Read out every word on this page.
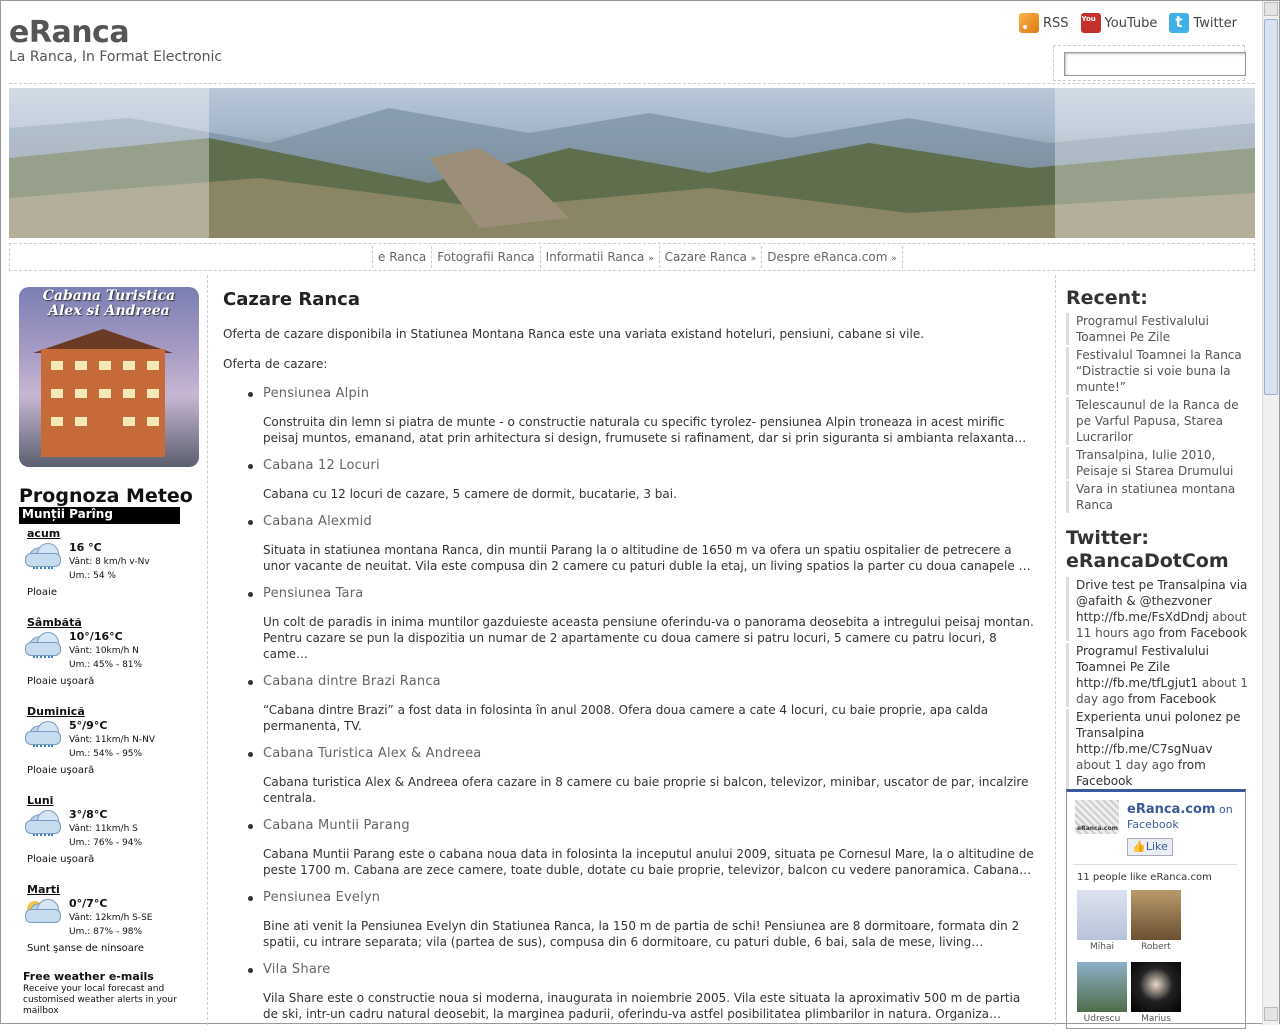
eRanca
La Ranca, In Format Electronic
RSS You	YouTube t	Twitter
e Ranca Fotografii Ranca Informatii Ranca » Cazare Ranca » Despre eRanca.com »
Cabana Turistica
Alex si Andreea
Prognoza Meteo
Munții Parîng
acum
16 °C
Vânt: 8 km/h v-Nv
Um.: 54 %
Ploaie
Sâmbătă
10°/16°C
Vânt: 10km/h N
Um.: 45% - 81%
Ploaie uşoară
Duminică
5°/9°C
Vânt: 11km/h N-NV
Um.: 54% - 95%
Ploaie uşoară
Luni
3°/8°C
Vânt: 11km/h S
Um.: 76% - 94%
Ploaie uşoară
Marti
0°/7°C
Vânt: 12km/h S-SE
Um.: 87% - 98%
Sunt şanse de ninsoare
Free weather e-mails
Receive your local forecast and customised weather alerts in your mailbox
Cazare Ranca

Oferta de cazare disponibila in Statiunea Montana Ranca este una variata existand hoteluri, pensiuni, cabane si vile.

Oferta de cazare:

Pensiunea Alpin

Construita din lemn si piatra de munte - o constructie naturala cu specific tyrolez- pensiunea Alpin troneaza in acest mirific peisaj muntos, emanand, atat prin arhitectura si design, frumusete si rafinament, dar si prin siguranta si ambianta relaxanta…

Cabana 12 Locuri

Cabana cu 12 locuri de cazare, 5 camere de dormit, bucatarie, 3 bai.

Cabana Alexmid

Situata in statiunea montana Ranca, din muntii Parang la o altitudine de 1650 m va ofera un spatiu ospitalier de petrecere a unor vacante de neuitat. Vila este compusa din 2 camere cu paturi duble la etaj, un living spatios la parter cu doua canapele …

Pensiunea Tara

Un colt de paradis in inima muntilor gazduieste aceasta pensiune oferindu-va o panorama deosebita a intregului peisaj montan. Pentru cazare se pun la dispozitia un numar de 2 apartamente cu doua camere si patru locuri, 5 camere cu patru locuri, 8 came…

Cabana dintre Brazi Ranca

“Cabana dintre Brazi” a fost data in folosinta în anul 2008. Ofera doua camere a cate 4 locuri, cu baie proprie, apa calda permanenta, TV.

Cabana Turistica Alex & Andreea

Cabana turistica Alex & Andreea ofera cazare in 8 camere cu baie proprie si balcon, televizor, minibar, uscator de par, incalzire centrala.

Cabana Muntii Parang

Cabana Muntii Parang este o cabana noua data in folosinta la inceputul anului 2009, situata pe Cornesul Mare, la o altitudine de peste 1700 m. Cabana are zece camere, toate duble, dotate cu baie proprie, televizor, balcon cu vedere panoramica. Cabana…

Pensiunea Evelyn

Bine ati venit la Pensiunea Evelyn din Statiunea Ranca, la 150 m de partia de schi! Pensiunea are 8 dormitoare, formata din 2 spatii, cu intrare separata; vila (partea de sus), compusa din 6 dormitoare, cu paturi duble, 6 bai, sala de mese, living…

Vila Share

Vila Share este o constructie noua si moderna, inaugurata in noiembrie 2005. Vila este situata la aproximativ 500 m de partia de ski, intr-un cadru natural deosebit, la marginea padurii, oferindu-va astfel posibilitatea plimbarilor in natura. Organiza…

Recent:
Programul Festivalului Toamnei Pe Zile
Festivalul Toamnei la Ranca “Distractie si voie buna la munte!”
Telescaunul de la Ranca de pe Varful Papusa, Starea Lucrarilor
Transalpina, Iulie 2010, Peisaje si Starea Drumului
Vara in statiunea montana Ranca
Twitter: eRancaDotCom
Drive test pe Transalpina via @afaith & @thezvoner http://fb.me/FsXdDndj about 11 hours ago from Facebook
Programul Festivalului Toamnei Pe Zile http://fb.me/tfLgjut1 about 1 day ago from Facebook
Experienta unui polonez pe Transalpina http://fb.me/C7sgNuav about 1 day ago from Facebook
eRanca.com
eRanca.com on
Facebook
👍Like
11 people like eRanca.com
Mihai	Robert
Udrescu	Marius
